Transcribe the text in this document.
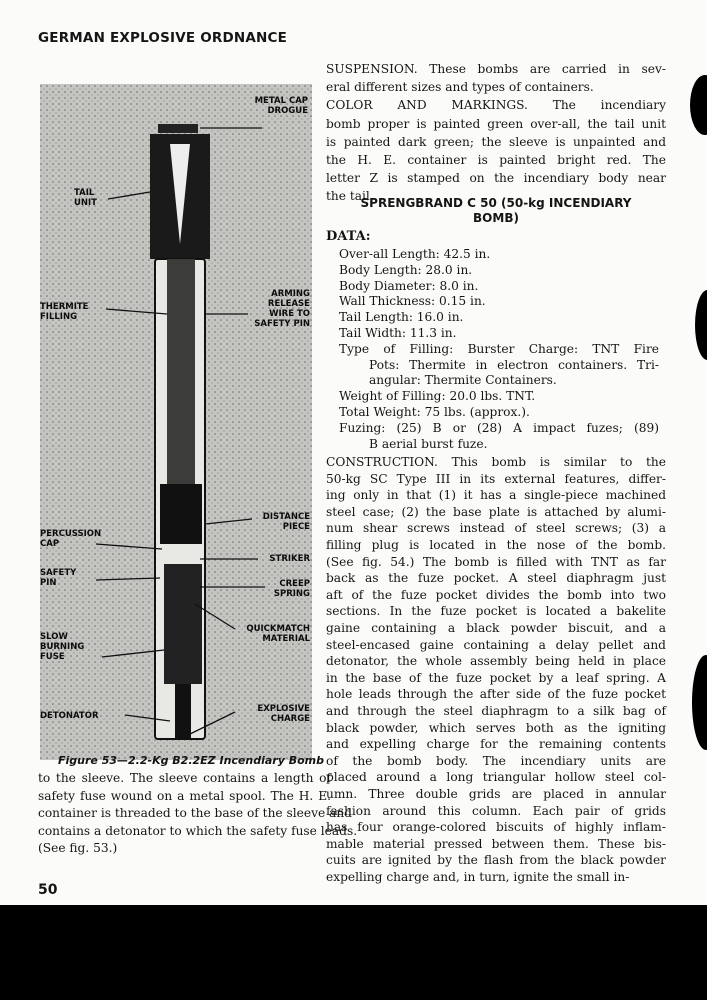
GERMAN EXPLOSIVE ORDNANCE
METAL CAP DROGUE
TAIL UNIT
THERMITE FILLING
ARMING RELEASE WIRE TO SAFETY PIN
DISTANCE PIECE
PERCUSSION CAP
STRIKER
SAFETY PIN	CREEP SPRING
QUICKMATCH MATERIAL
SLOW BURNING FUSE
DETONATOR
EXPLOSIVE CHARGE
Figure 53—2.2-Kg B2.2EZ Incendiary Bomb
to the sleeve. The sleeve contains a length of
safety fuse wound on a metal spool. The H. E.
container is threaded to the base of the sleeve and
contains a detonator to which the safety fuse leads.
(See fig. 53.)
SUSPENSION. These bombs are carried in sev-
eral different sizes and types of containers.
COLOR AND MARKINGS. The incendiary
bomb proper is painted green over-all, the tail unit
is painted dark green; the sleeve is unpainted and
the H. E. container is painted bright red. The
letter Z is stamped on the incendiary body near
the tail.
SPRENGBRAND C 50 (50-kg INCENDIARY
BOMB)
DATA:
Over-all Length: 42.5 in.
Body Length: 28.0 in.
Body Diameter: 8.0 in.
Wall Thickness: 0.15 in.
Tail Length: 16.0 in.
Tail Width: 11.3 in.
Type of Filling: Burster Charge: TNT Fire
Pots: Thermite in electron containers. Tri-
angular: Thermite Containers.
Weight of Filling: 20.0 lbs. TNT.
Total Weight: 75 lbs. (approx.).
Fuzing: (25) B or (28) A impact fuzes; (89)
B aerial burst fuze.
CONSTRUCTION. This bomb is similar to the
50-kg SC Type III in its external features, differ-
ing only in that (1) it has a single-piece machined
steel case; (2) the base plate is attached by alumi-
num shear screws instead of steel screws; (3) a
filling plug is located in the nose of the bomb.
(See fig. 54.) The bomb is filled with TNT as far
back as the fuze pocket. A steel diaphragm just
aft of the fuze pocket divides the bomb into two
sections. In the fuze pocket is located a bakelite
gaine containing a black powder biscuit, and a
steel-encased gaine containing a delay pellet and
detonator, the whole assembly being held in place
in the base of the fuze pocket by a leaf spring. A
hole leads through the after side of the fuze pocket
and through the steel diaphragm to a silk bag of
black powder, which serves both as the igniting
and expelling charge for the remaining contents
of the bomb body. The incendiary units are
placed around a long triangular hollow steel col-
umn. Three double grids are placed in annular
fashion around this column. Each pair of grids
has four orange-colored biscuits of highly inflam-
mable material pressed between them. These bis-
cuits are ignited by the flash from the black powder
expelling charge and, in turn, ignite the small in-
50
